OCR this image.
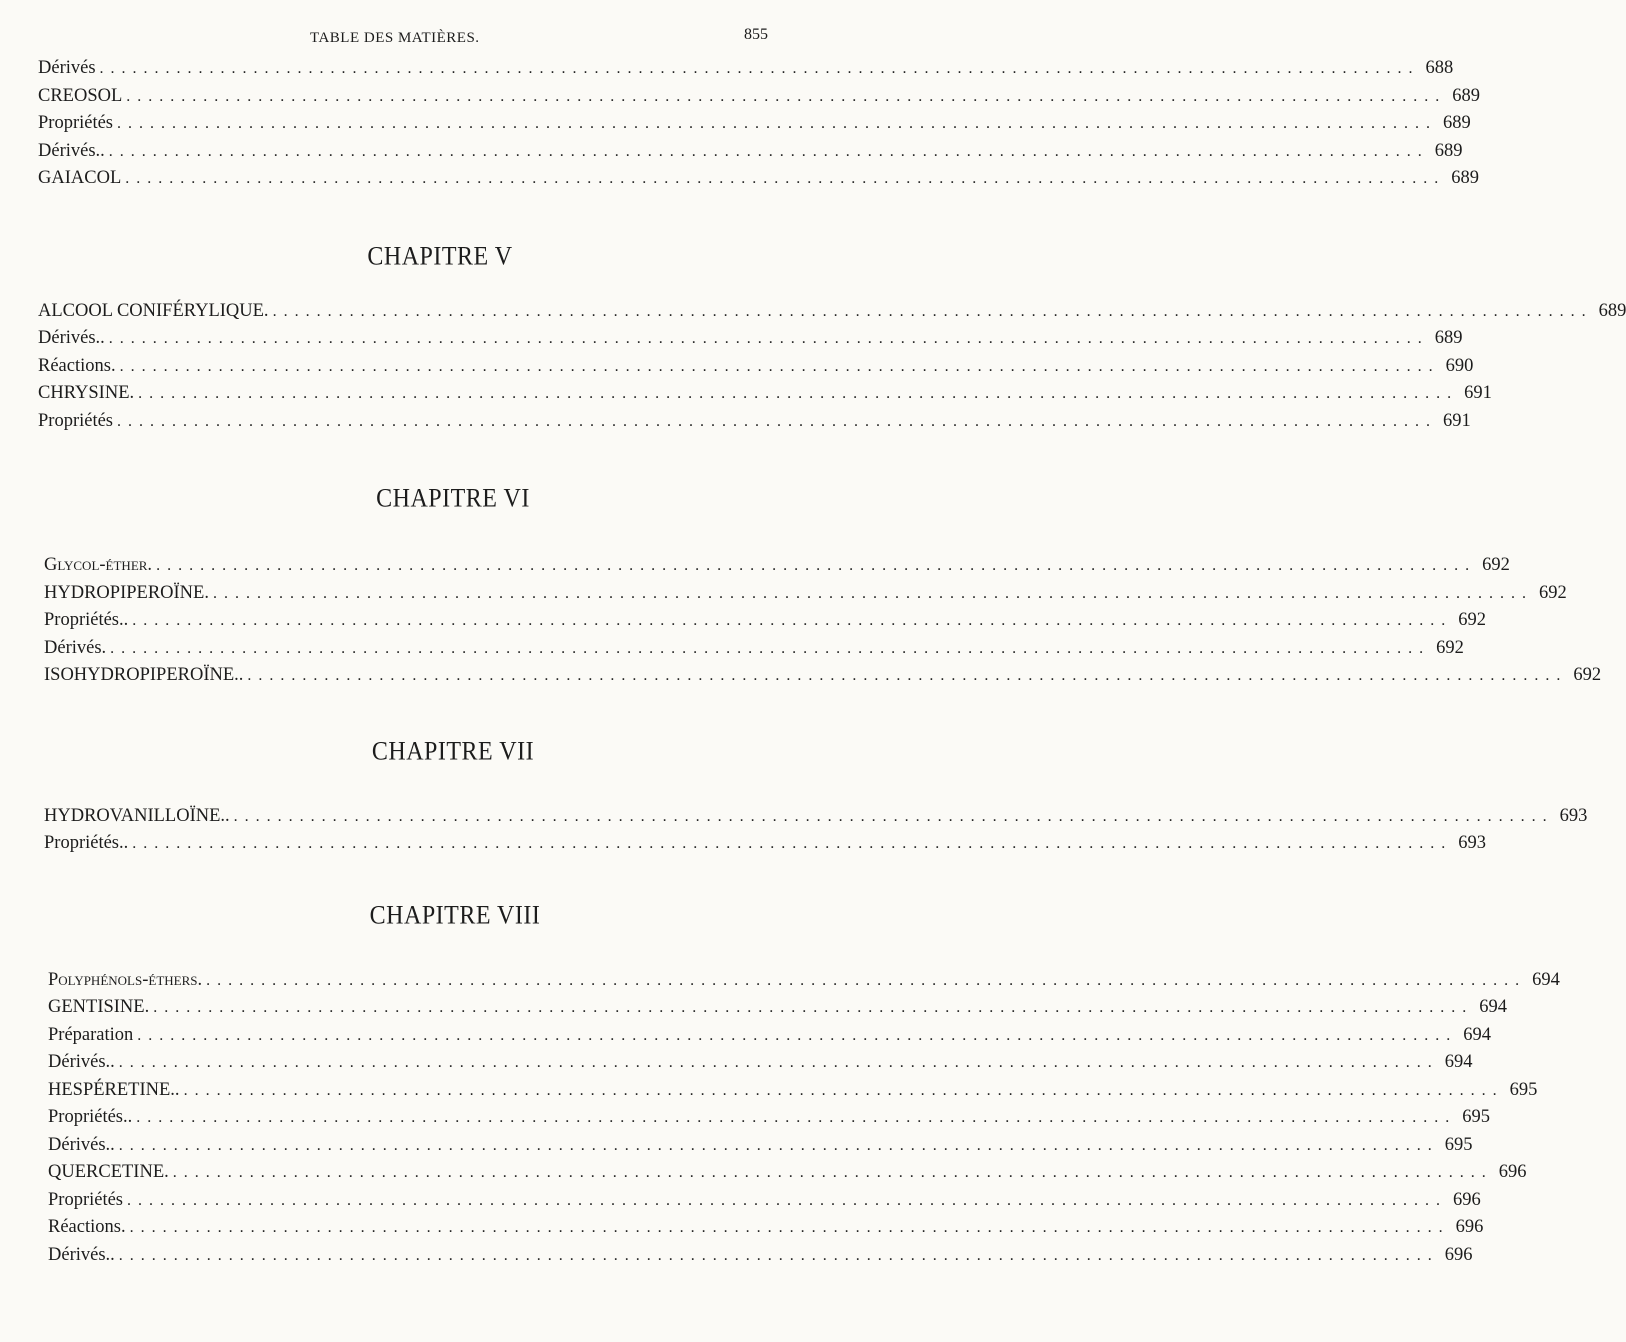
TABLE DES MATIÈRES.	855
Dérivés ........................................................................................................................ 688
CREOSOL ........................................................................................................................ 689
Propriétés ........................................................................................................................ 689
Dérivés.. ........................................................................................................................ 689
GAIACOL ........................................................................................................................ 689
CHAPITRE V
ALCOOL CONIFÉRYLIQUE. ........................................................................................................................ 689
Dérivés.. ........................................................................................................................ 689
Réactions. ........................................................................................................................ 690
CHRYSINE. ........................................................................................................................ 691
Propriétés ........................................................................................................................ 691
CHAPITRE VI
Glycol-éther. ........................................................................................................................ 692
HYDROPIPEROÏNE. ........................................................................................................................ 692
Propriétés.. ........................................................................................................................ 692
Dérivés. ........................................................................................................................ 692
ISOHYDROPIPEROÏNE.. ........................................................................................................................ 692
CHAPITRE VII
HYDROVANILLOÏNE.. ........................................................................................................................ 693
Propriétés.. ........................................................................................................................ 693
CHAPITRE VIII
Polyphénols-éthers. ........................................................................................................................ 694
GENTISINE. ........................................................................................................................ 694
Préparation ........................................................................................................................ 694
Dérivés.. ........................................................................................................................ 694
HESPÉRETINE.. ........................................................................................................................ 695
Propriétés.. ........................................................................................................................ 695
Dérivés.. ........................................................................................................................ 695
QUERCETINE. ........................................................................................................................ 696
Propriétés ........................................................................................................................ 696
Réactions. ........................................................................................................................ 696
Dérivés.. ........................................................................................................................ 696
